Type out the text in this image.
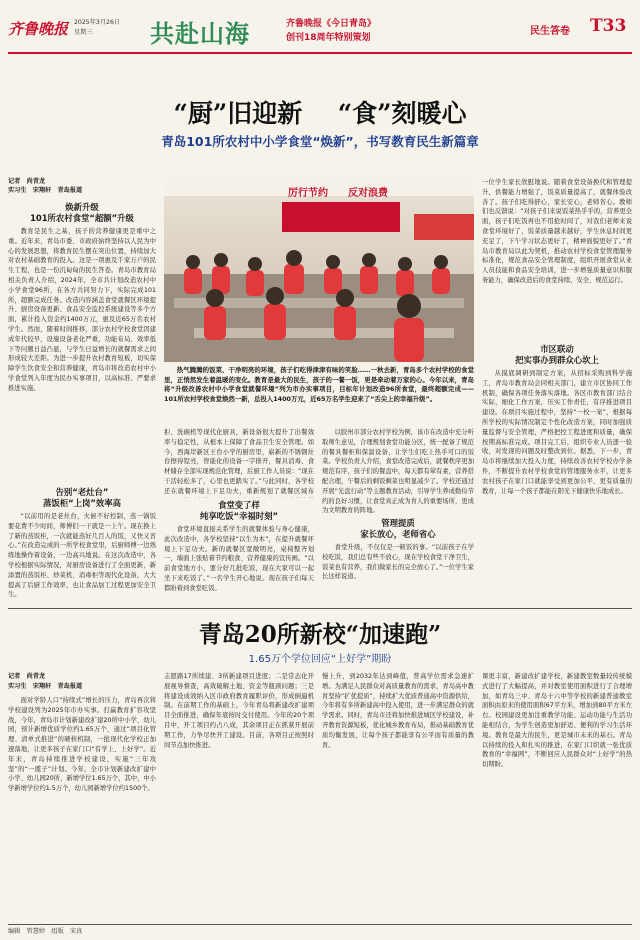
齐鲁晚报 2025年3月26日
星期三 共赴山海	齐鲁晚报《今日青岛》
创刊18周年特别策划
民生答卷 T33
“厨”旧迎新 “食”刻暖心
青岛101所农村中小学食堂“焕新”，书写教育民生新篇章
记者　尚青龙
实习生　宋翔轩　青岛报道
焕新升级
101所农村食堂“超额”升级

教育是民生之基，孩子的营养健康更是重中之重。近年来，青岛市委、市政府始终坚持以人民为中心的发展思想，将教育民生摆在突出位置，持续加大对农村基础教育的投入。这是一项惠及千家万户的民生工程，也是一份沉甸甸的民生答卷。青岛市教育局相关负责人介绍，2024年，全市共计划改造农村中小学食堂96所，在各方共同努力下，实际完成101所，超额完成任务。改造内容涵盖食堂就餐区环境提升、厨房设备更新、食品安全监控系统建设等多个方面，累计投入资金约1400万元，惠及近65万名农村学生。然而，随着时间推移，部分农村学校食堂因建成年代较早，设施设备老化严重，功能布局、效率低下等问题日益凸显，与学生日益增长的就餐需求之间形成较大差距。为进一步提升农村教育短板，切实保障学生饮食安全和营养健康，青岛市将改造农村中小学食堂列入年度为民办实事项目，以高标准、严要求推进实施。

告别“老灶台”
蒸饭柜“上岗”效率高

“以前用的是老灶台，火候不好控制，蒸一锅饭要花费不少时间，师傅们一干就是一上午。现在换上了新的蒸饭柜，一次就能蒸好几百人的饭，又快又省心。”在改造完成的一所学校食堂里，后厨师傅一边熟练地操作着设备，一边高兴地说。在这次改造中，各学校根据实际情况，对厨房设备进行了全面更新，新添置的蒸饭柜、炒菜机、消毒柜等现代化设备，大大提高了后厨工作效率，也让食品加工过程更加安全卫生。

厉行节约 反对浪费

热气腾腾的饭菜、干净明亮的环境，孩子们吃得津津有味的笑脸……一秋去新，青岛多个农村学校的食堂里，正悄然发生着温暖的变化。教育是最大的民生，孩子的一餐一饭，更是牵动着万家的心。今年以来，青岛将“升级改善农村中小学食堂就餐环境”列为市办实事项目，目标年计划改造96所食堂，最终超额完成——101所农村学校食堂焕然一新，总投入1400万元，近65万名学生迎来了“舌尖上的幸福升级”。

拒、洗碗机等现代化厨具，新设备很大提升了出餐效率与稳定性，从根本上保障了食品卫生安全管理。如今，西海岸新区王台小学的厨房里，崭新的不锈钢灶台擦得锃亮，智能化的设备一字排开，餐具消毒、食材储存全部实现规范化管理，后厨工作人员说：“现在干活轻松多了，心里也更踏实了。”与此同时，各学校还在就餐环境上下足功夫，重新规划了就餐区域布

食堂变了样
纯享吃饭“幸福时刻”

食堂环境直接关系学生的就餐体验与身心健康，此次改造中，各学校坚持“以生为本”，在提升就餐环境上下足功夫。新的就餐区宽敞明亮，桌椅整齐划一，墙面上张贴着节约粮食、营养健康的宣传画。“以前食堂地方小，要分好几批吃饭，现在大家可以一起坐下来吃饭了。”一名学生开心地说。现在孩子们每天都盼着到食堂吃饭。

以胶州市部分农村学校为例，该市在改造中充分听取师生意见，合理规划食堂功能分区，统一配备了规范的餐具餐柜和保温设备，让学生们吃上热乎可口的饭菜。学校负责人介绍，食堂改造完成后，就餐秩序更加规范有序，孩子们的餐盘中，每天都有荤有素，营养搭配合理，午餐后的剩饭剩菜也明显减少了。学校还通过开展“光盘行动”等主题教育活动，引导学生养成勤俭节约的良好习惯，让食堂真正成为育人的重要场所，更成为文明教育的阵地。

管理提质
家长放心，老师省心

食堂升级，不仅仅是一顿饭的事。“以前孩子在学校吃饭，我们总有些不放心，现在学校食堂干净卫生，饭菜也有营养，我们做家长的完全放心了。”一位学生家长这样说道。

一位学生家长欣慰地说。随着食堂设备换代和管理提升，供餐能力增强了，饭菜质量提高了，就餐体验改善了。孩子们吃得舒心，家长安心，老师省心。教师们也反馈说：“对孩子们来说饭菜热乎乎的，营养更全面，孩子们吃饭再也不用抢时间了，对我们老师来说食堂环境好了，饭菜质量越来越好，学生休息时间更充足了，下午学习状态更好了，精神面貌更好了。”青岛市教育局以此为契机，推动农村学校食堂管理服务标准化，规范食品安全管理制度，组织开展食堂从业人员技能和食品安全培训，进一步增强质量意识和服务能力，确保改造后的食堂持续、安全、规范运行。

市区联动
把实事办到群众心坎上

从摸底调研到制定方案，从招标采购到科学施工，青岛市教育局会同相关部门，建立市区协同工作机制，确保各项任务落实落地。各区市教育部门结合实际，细化工作方案，压实工作责任，有序推进项目建设。在项目实施过程中，坚持“一校一案”，根据每所学校的实际情况制定个性化改造方案，同时加强质量监督与安全管理，严格把控工程进度和质量，确保按期高标准完成。项目完工后，组织专业人员逐一验收，对发现的问题及时整改到位。据悉，下一步，青岛市将继续加大投入力度，持续改善农村学校办学条件，不断提升农村学校食堂的管理服务水平，让更多农村孩子在家门口就能享受到更加公平、更有质量的教育，让每一个孩子都能在阳光下健康快乐地成长。

青岛20所新校“加速跑”
1.65万个学位回应“上好学”期盼
记者　尚青龙
实习生　宋翔轩　青岛报道

面对学龄人口“持续式”增长的压力，青岛再次将学校建设列为2025年市办实事。打赢教育扩容攻坚战，今年，青岛市计划新建改扩建20所中小学、幼儿园，预计新增优质学位约1.65万个，通过“项目化管理、清单式推进”的硬核机制，一批现代化学校正加速落地，让更多孩子在家门口“有学上、上好学”。近年来，青岛持续推进学校建设，实施“三年攻坚”的“一揽子”计划。今年，全市计划新建改扩建中小学、幼儿园20所，新增学位1.65万个，其中，中小学新增学位约1.5万个，幼儿园新增学位约1500个。

志愿路17所续建、3所新建项目进度；二是常态化开展视导督查，高效破解土地、资金等瓶颈问题；三是将建设成效纳入区市政府教育履职评价，形成倒逼机制。在前期工作的基础上，今年青岛将新建改扩建项目全面推进，确保年底按时交付使用。今年的20个项目中，开工项目约占八成，其余项目正在抓紧开展前期工作，力争尽快开工建设。目前，各项目正按照时间节点加快推进。

慢上升，到2032年达到峰值，普高学位需求急速扩增。为满足人民群众对高质量教育的需求，青岛高中教育坚持“扩优提质”，持续扩大优质普通高中资源供给，今年将有多所新建高中投入使用，进一步满足群众的就学需求。同时，青岛市还将加快推进城区学校建设，补齐教育资源短板，优化城乡教育布局，推动基础教育优质均衡发展，让每个孩子都能享有公平而有质量的教育。

课更丰富，新建改扩建学校，新建教室数量较传统模式进行了大幅提高，并对教室使用面积进行了合理增加，如青岛三中、青岛十六中等学校的新建普通教室面积由原来的使用面积67平方米，增加到80平方米左右。校园建设更加注重教学功能、运动功能与生活功能相结合，为学生创造更加舒适、便利的学习生活环境。教育是最大的民生，更是城市未来的基石。青岛以持续的投入和扎实的推进，在家门口织就一张优质教育的“幸福网”，不断回应人民群众对“上好学”的热切期盼。

编辑　管慧婷　组版　宋真
